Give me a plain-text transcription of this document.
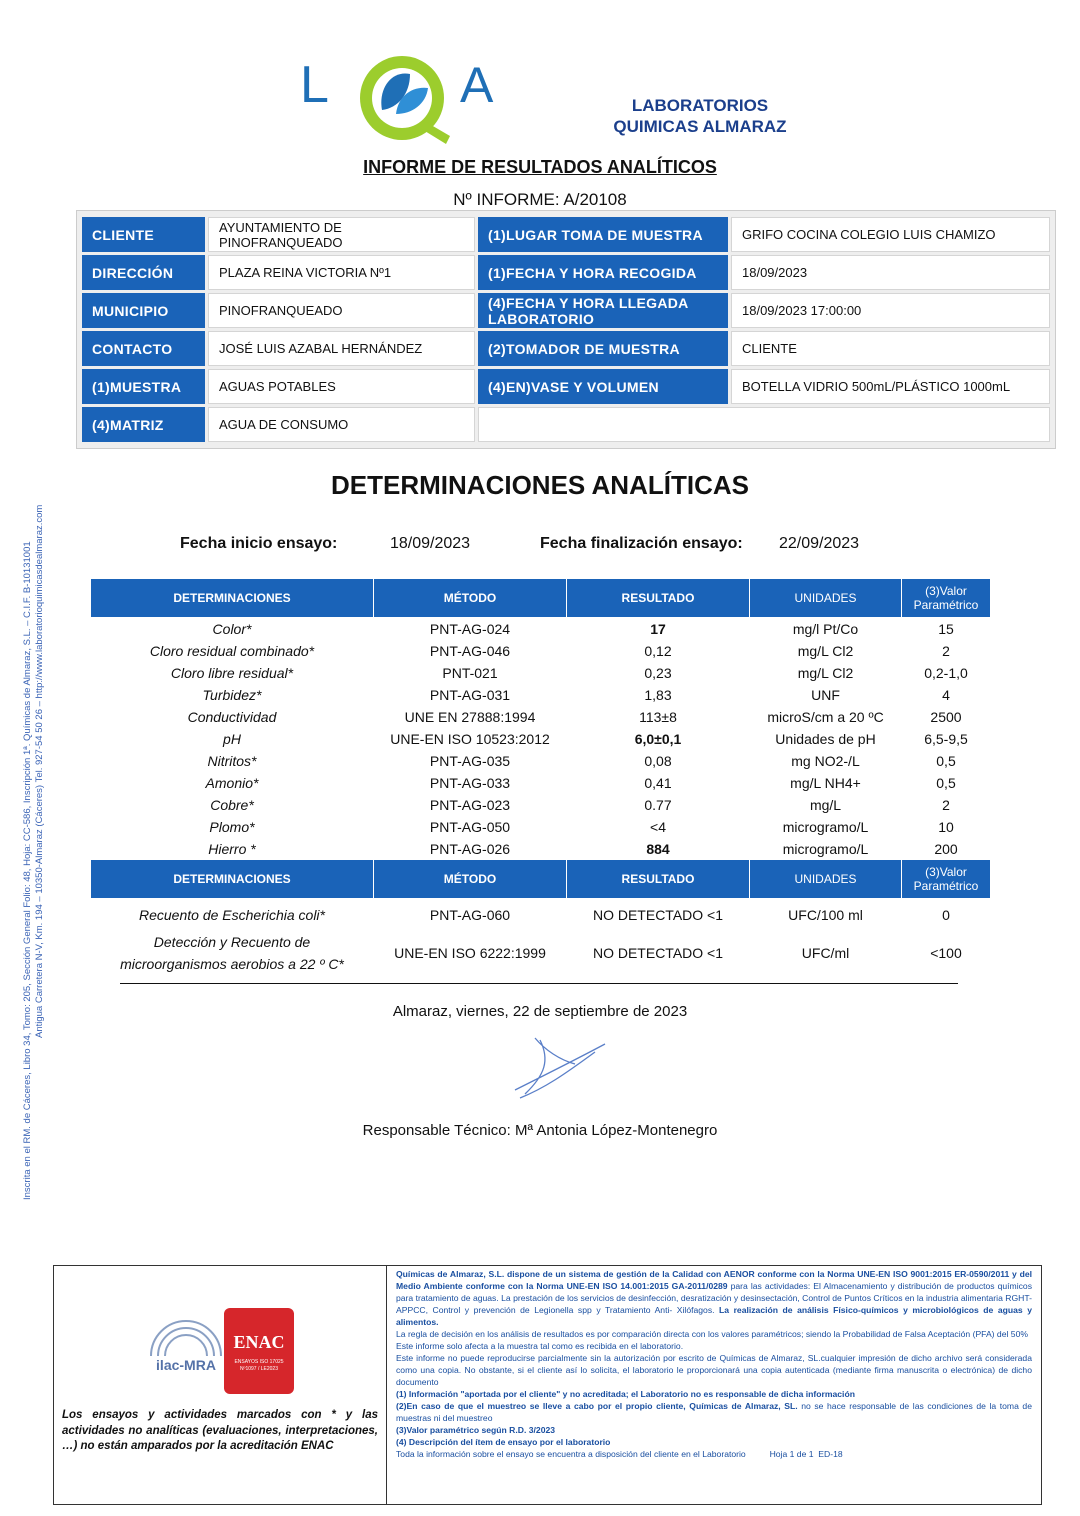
L	A	LABORATORIOS
QUIMICAS ALMARAZ
INFORME DE RESULTADOS ANALÍTICOS
Nº INFORME: A/20108
CLIENTE	AYUNTAMIENTO DE PINOFRANQUEADO	(1)LUGAR TOMA DE MUESTRA	GRIFO COCINA COLEGIO LUIS CHAMIZO
DIRECCIÓN	PLAZA REINA VICTORIA Nº1	(1)FECHA Y HORA RECOGIDA	18/09/2023
MUNICIPIO	PINOFRANQUEADO	(4)FECHA Y HORA LLEGADA LABORATORIO	18/09/2023 17:00:00
CONTACTO	JOSÉ LUIS AZABAL HERNÁNDEZ	(2)TOMADOR DE MUESTRA	CLIENTE
(1)MUESTRA	AGUAS POTABLES	(4)EN)VASE Y VOLUMEN	BOTELLA VIDRIO 500mL/PLÁSTICO 1000mL
(4)MATRIZ	AGUA DE CONSUMO		
DETERMINACIONES ANALÍTICAS
Fecha inicio ensayo:	18/09/2023	Fecha finalización ensayo: 22/09/2023
DETERMINACIONES	MÉTODO	RESULTADO	UNIDADES	(3)Valor Paramétrico
Color*	PNT-AG-024	17	mg/l Pt/Co	15
Cloro residual combinado*	PNT-AG-046	0,12	mg/L Cl2	2
Cloro libre residual*	PNT-021	0,23	mg/L Cl2	0,2-1,0
Turbidez*	PNT-AG-031	1,83	UNF	4
Conductividad	UNE EN 27888:1994	113±8	microS/cm a 20 ºC	2500
pH	UNE-EN ISO 10523:2012	6,0±0,1	Unidades de pH	6,5-9,5
Nitritos*	PNT-AG-035	0,08	mg NO2-/L	0,5
Amonio*	PNT-AG-033	0,41	mg/L NH4+	0,5
Cobre*	PNT-AG-023	0.77	mg/L	2
Plomo*	PNT-AG-050	<4	microgramo/L	10
Hierro *	PNT-AG-026	884	microgramo/L	200
DETERMINACIONES	MÉTODO	RESULTADO	UNIDADES	(3)Valor Paramétrico
Recuento de Escherichia coli*	PNT-AG-060	NO DETECTADO <1	UFC/100 ml	0
Detección y Recuento de microorganismos aerobios a 22 º C*	UNE-EN ISO 6222:1999	NO DETECTADO <1	UFC/ml	<100
Almaraz, viernes, 22 de septiembre de 2023
Responsable Técnico: Mª Antonia López-Montenegro
Inscrita en el RM. de Cáceres, Libro 34, Tomo: 205, Sección General Folio: 48, Hoja: CC-586, Inscripción 1ª. Químicas de Almaraz, S.L. – C.I.F. B-10131001 Antigua Carretera N-V, Km. 194 – 10350-Almaraz (Cáceres) Tel. 927-54 50 26 – http://www.laboratorioquimicasdealmaraz.com
ilac-MRA
ENAC
ENSAYOS ISO 17025 Nº1097 / LE2023
Los ensayos y actividades marcados con * y las actividades no analíticas (evaluaciones, interpretaciones, …) no están amparados por la acreditación ENAC
Químicas de Almaraz, S.L. dispone de un sistema de gestión de la Calidad con AENOR conforme con la Norma UNE-EN ISO 9001:2015 ER-0590/2011 y del Medio Ambiente conforme con la Norma UNE-EN ISO 14.001:2015 GA-2011/0289 para las actividades: El Almacenamiento y distribución de productos químicos para tratamiento de aguas. La prestación de los servicios de desinfección, desratización y desinsectación, Control de Puntos Críticos en la industria alimentaria RGHT-APPCC, Control y prevención de Legionella spp y Tratamiento Anti- Xilófagos. La realización de análisis Físico-químicos y microbiológicos de aguas y alimentos.
La regla de decisión en los análisis de resultados es por comparación directa con los valores paramétricos; siendo la Probabilidad de Falsa Aceptación (PFA) del 50%
Este informe solo afecta a la muestra tal como es recibida en el laboratorio.
Este informe no puede reproducirse parcialmente sin la autorización por escrito de Químicas de Almaraz, SL.cualquier impresión de dicho archivo será considerada como una copia. No obstante, si el cliente así lo solicita, el laboratorio le proporcionará una copia autenticada (mediante firma manuscrita o electrónica) de dicho documento
(1) Información "aportada por el cliente" y no acreditada; el Laboratorio no es responsable de dicha información
(2)En caso de que el muestreo se lleve a cabo por el propio cliente, Químicas de Almaraz, SL. no se hace responsable de las condiciones de la toma de muestras ni del muestreo
(3)Valor paramétrico según R.D. 3/2023
(4) Descripción del ítem de ensayo por el laboratorio
Toda la información sobre el ensayo se encuentra a disposición del cliente en el Laboratorio          Hoja 1 de 1  ED-18
